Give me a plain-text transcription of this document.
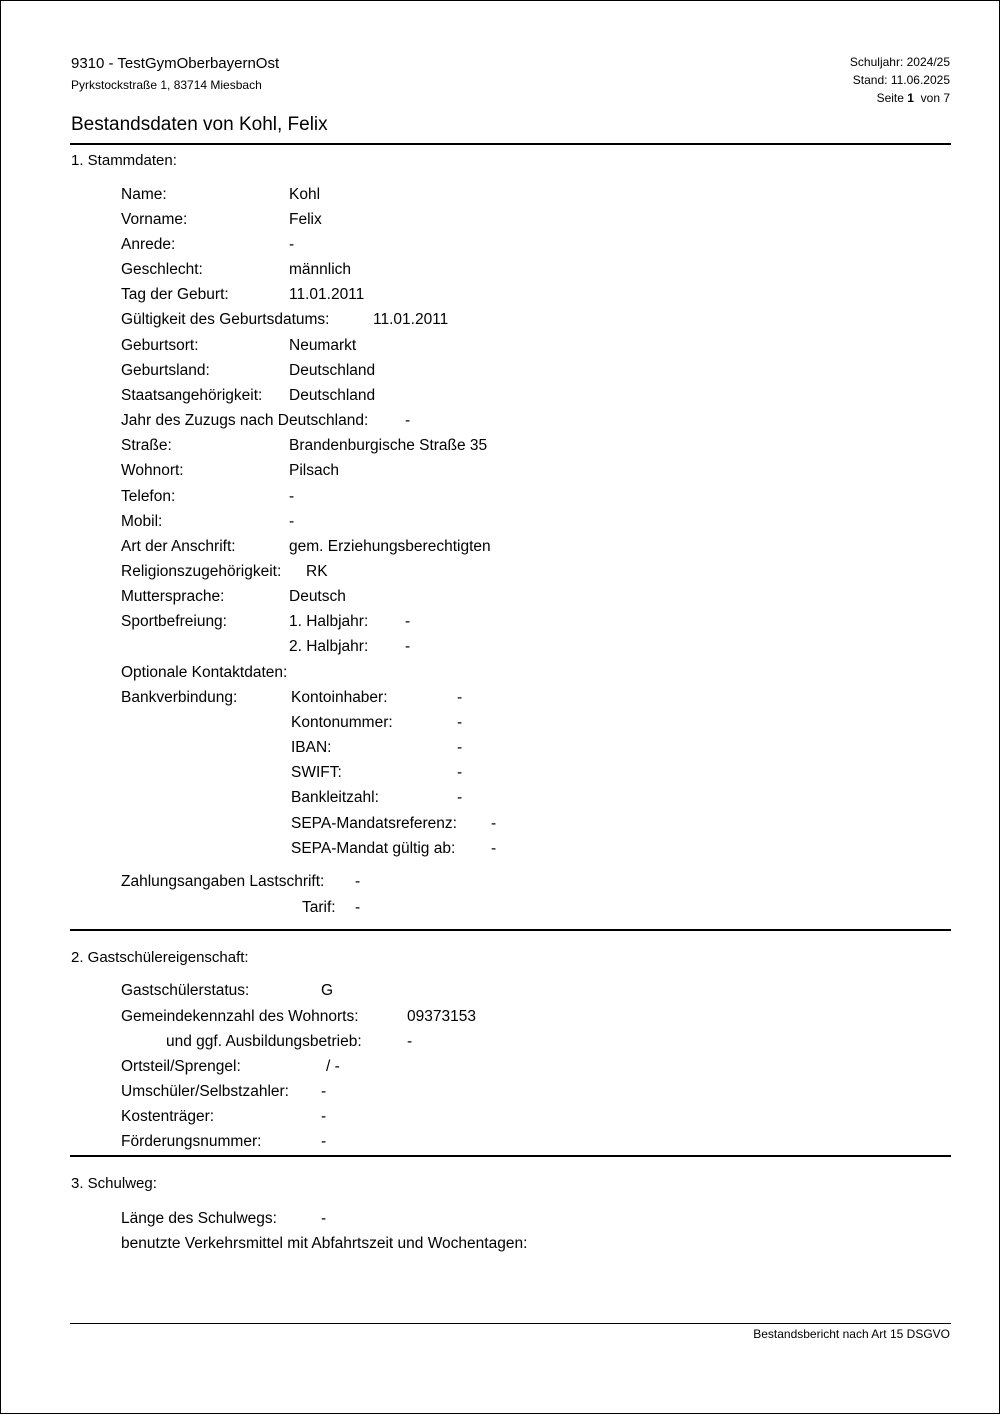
9310 - TestGymOberbayernOst
Pyrkstockstraße 1, 83714 Miesbach
Schuljahr: 2024/25
Stand: 11.06.2025
Seite 1 von 7
Bestandsdaten von Kohl, Felix
1. Stammdaten:
Name:	Kohl
Vorname:	Felix
Anrede:	-
Geschlecht:	männlich
Tag der Geburt:	11.01.2011
Gültigkeit des Geburtsdatums:	11.01.2011
Geburtsort:	Neumarkt
Geburtsland:	Deutschland
Staatsangehörigkeit: Deutschland
Jahr des Zuzugs nach Deutschland: -
Straße:	Brandenburgische Straße 35
Wohnort:	Pilsach
Telefon:	-
Mobil:	-
Art der Anschrift:	gem. Erziehungsberechtigten
Religionszugehörigkeit: RK
Muttersprache:	Deutsch
Sportbefreiung:	1. Halbjahr: -
2. Halbjahr: -
Optionale Kontaktdaten:
Bankverbindung:	Kontoinhaber:	-
Kontonummer:	-
IBAN:	-
SWIFT:	-
Bankleitzahl:	-
SEPA-Mandatsreferenz: -
SEPA-Mandat gültig ab: -
Zahlungsangaben Lastschrift: -
Tarif: -
2. Gastschülereigenschaft:
Gastschülerstatus:	G
Gemeindekennzahl des Wohnorts:	09373153
und ggf. Ausbildungsbetrieb:	-
Ortsteil/Sprengel:	/ -
Umschüler/Selbstzahler: -
Kostenträger:	-
Förderungsnummer:	-
3. Schulweg:
Länge des Schulwegs:	-
benutzte Verkehrsmittel mit Abfahrtszeit und Wochentagen:
Bestandsbericht nach Art 15 DSGVO
